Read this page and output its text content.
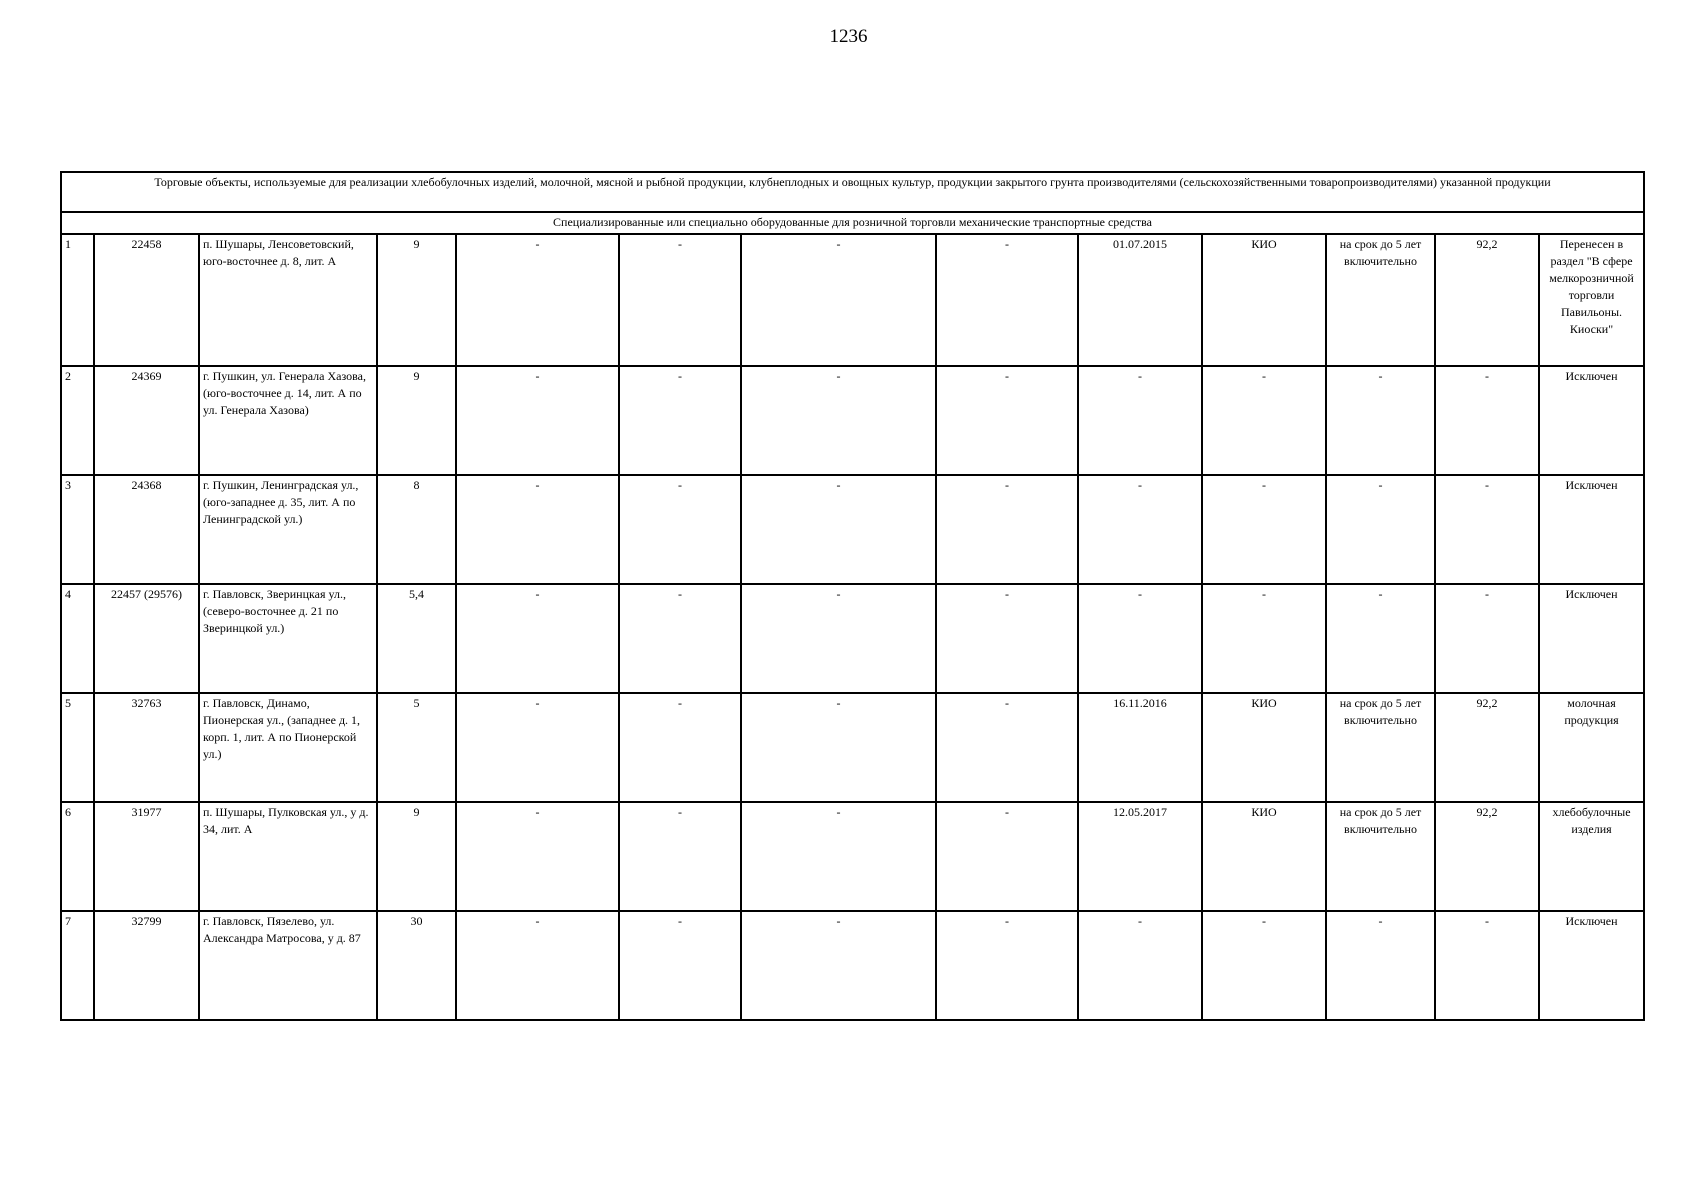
1236
Торговые объекты, используемые для реализации хлебобулочных изделий, молочной, мясной и рыбной продукции, клубнеплодных и овощных культур, продукции закрытого грунта производителями (сельскохозяйственными товаропроизводителями) указанной продукции												
Специализированные или специально оборудованные для розничной торговли механические транспортные средства												
1	22458	п. Шушары, Ленсоветовский, юго-восточнее д. 8, лит. А	9	-	-	-	-	01.07.2015	КИО	на срок до 5 лет включительно	92,2	Перенесен в раздел "В сфере мелкорозничной торговли Павильоны. Киоски"
2	24369	г. Пушкин, ул. Генерала Хазова, (юго-восточнее д. 14, лит. А по ул. Генерала Хазова)	9	-	-	-	-	-	-	-	-	Исключен
3	24368	г. Пушкин, Ленинградская ул., (юго-западнее д. 35, лит. А по Ленинградской ул.)	8	-	-	-	-	-	-	-	-	Исключен
4	22457 (29576)	г. Павловск, Зверинцкая ул., (северо-восточнее д. 21 по Зверинцкой ул.)	5,4	-	-	-	-	-	-	-	-	Исключен
5	32763	г. Павловск, Динамо, Пионерская ул., (западнее д. 1, корп. 1, лит. А по Пионерской ул.)	5	-	-	-	-	16.11.2016	КИО	на срок до 5 лет включительно	92,2	молочная продукция
6	31977	п. Шушары, Пулковская ул., у д. 34, лит. А	9	-	-	-	-	12.05.2017	КИО	на срок до 5 лет включительно	92,2	хлебобулочные изделия
7	32799	г. Павловск, Пязелево, ул. Александра Матросова, у д. 87	30	-	-	-	-	-	-	-	-	Исключен
